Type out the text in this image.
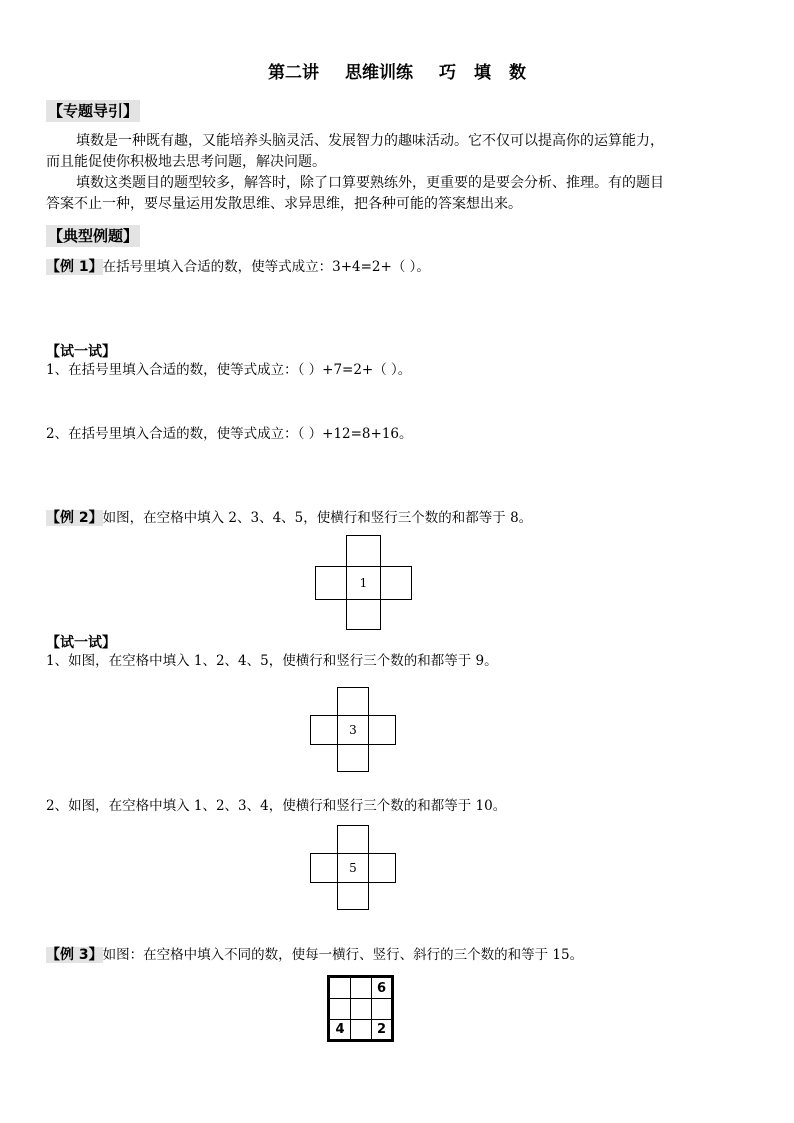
第二讲 思维训练 巧 填 数
【专题导引】
填数是一种既有趣，又能培养头脑灵活、发展智力的趣味活动。它不仅可以提高你的运算能力，
而且能促使你积极地去思考问题，解决问题。
填数这类题目的题型较多，解答时，除了口算要熟练外，更重要的是要会分析、推理。有的题目
答案不止一种，要尽量运用发散思维、求异思维，把各种可能的答案想出来。
【典型例题】
【例 1】在括号里填入合适的数，使等式成立：3+4=2+（ ）。
【试一试】
1、在括号里填入合适的数，使等式成立：（ ）+7=2+（ ）。
2、在括号里填入合适的数，使等式成立：（ ）+12=8+16。
【例 2】如图，在空格中填入 2、3、4、5，使横行和竖行三个数的和都等于 8。
1
【试一试】
1、如图，在空格中填入 1、2、4、5，使横行和竖行三个数的和都等于 9。
3
2、如图，在空格中填入 1、2、3、4，使横行和竖行三个数的和都等于 10。
5
【例 3】如图：在空格中填入不同的数，使每一横行、竖行、斜行的三个数的和等于 15。
6
4	2
